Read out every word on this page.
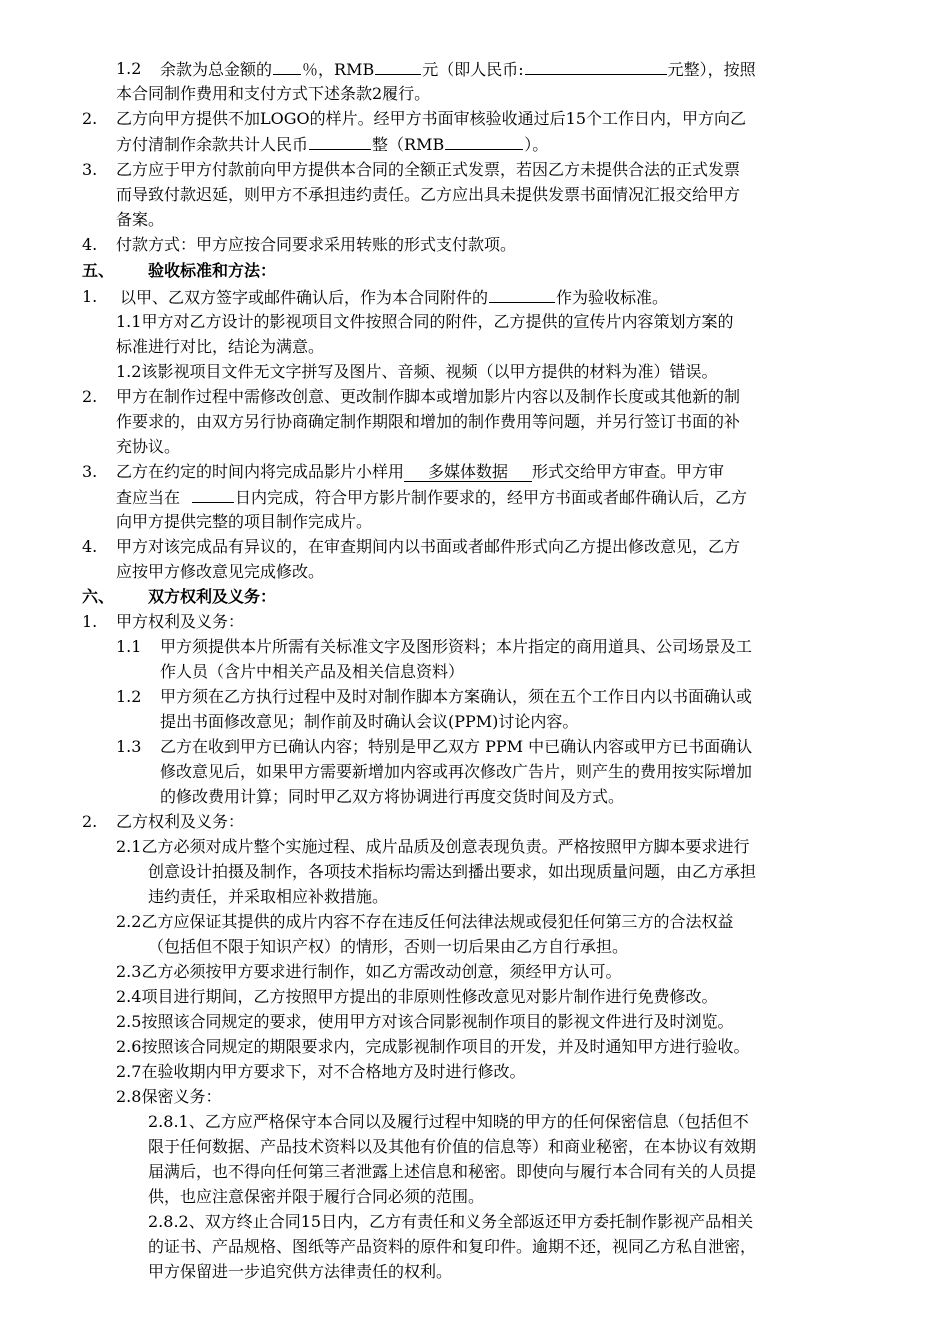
1.2 余款为总金额的 ％，RMB	元（即人民币:	元整），按照
本合同制作费用和支付方式下述条款2履行。
2. 乙方向甲方提供不加LOGO的样片。经甲方书面审核验收通过后15个工作日内，甲方向乙
方付清制作余款共计人民币	整（RMB	）。
3. 乙方应于甲方付款前向甲方提供本合同的全额正式发票，若因乙方未提供合法的正式发票
而导致付款迟延，则甲方不承担违约责任。乙方应出具未提供发票书面情况汇报交给甲方
备案。
4. 付款方式：甲方应按合同要求采用转账的形式支付款项。
五、 验收标准和方法：
1. 以甲、乙双方签字或邮件确认后，作为本合同附件的	作为验收标准。
1.1甲方对乙方设计的影视项目文件按照合同的附件，乙方提供的宣传片内容策划方案的
标准进行对比，结论为满意。
1.2该影视项目文件无文字拼写及图片、音频、视频（以甲方提供的材料为准）错误。
2. 甲方在制作过程中需修改创意、更改制作脚本或增加影片内容以及制作长度或其他新的制
作要求的，由双方另行协商确定制作期限和增加的制作费用等问题，并另行签订书面的补
充协议。
3. 乙方在约定的时间内将完成品影片小样用 多媒体数据 形式交给甲方审查。甲方审
查应当在	日内完成，符合甲方影片制作要求的，经甲方书面或者邮件确认后，乙方
向甲方提供完整的项目制作完成片。
4. 甲方对该完成品有异议的，在审查期间内以书面或者邮件形式向乙方提出修改意见，乙方
应按甲方修改意见完成修改。
六、 双方权利及义务：
1. 甲方权利及义务：
1.1 甲方须提供本片所需有关标准文字及图形资料；本片指定的商用道具、公司场景及工
作人员（含片中相关产品及相关信息资料）
1.2 甲方须在乙方执行过程中及时对制作脚本方案确认，须在五个工作日内以书面确认或
提出书面修改意见；制作前及时确认会议(PPM)讨论内容。
1.3 乙方在收到甲方已确认内容；特别是甲乙双方 PPM 中已确认内容或甲方已书面确认
修改意见后，如果甲方需要新增加内容或再次修改广告片，则产生的费用按实际增加
的修改费用计算；同时甲乙双方将协调进行再度交货时间及方式。
2. 乙方权利及义务：
2.1乙方必须对成片整个实施过程、成片品质及创意表现负责。严格按照甲方脚本要求进行
创意设计拍摄及制作，各项技术指标均需达到播出要求，如出现质量问题，由乙方承担
违约责任，并采取相应补救措施。
2.2乙方应保证其提供的成片内容不存在违反任何法律法规或侵犯任何第三方的合法权益
（包括但不限于知识产权）的情形，否则一切后果由乙方自行承担。
2.3乙方必须按甲方要求进行制作，如乙方需改动创意，须经甲方认可。
2.4项目进行期间，乙方按照甲方提出的非原则性修改意见对影片制作进行免费修改。
2.5按照该合同规定的要求，使用甲方对该合同影视制作项目的影视文件进行及时浏览。
2.6按照该合同规定的期限要求内，完成影视制作项目的开发，并及时通知甲方进行验收。
2.7在验收期内甲方要求下，对不合格地方及时进行修改。
2.8保密义务：
2.8.1、乙方应严格保守本合同以及履行过程中知晓的甲方的任何保密信息（包括但不
限于任何数据、产品技术资料以及其他有价值的信息等）和商业秘密，在本协议有效期
届满后，也不得向任何第三者泄露上述信息和秘密。即使向与履行本合同有关的人员提
供，也应注意保密并限于履行合同必须的范围。
2.8.2、双方终止合同15日内，乙方有责任和义务全部返还甲方委托制作影视产品相关
的证书、产品规格、图纸等产品资料的原件和复印件。逾期不还，视同乙方私自泄密，
甲方保留进一步追究供方法律责任的权利。
